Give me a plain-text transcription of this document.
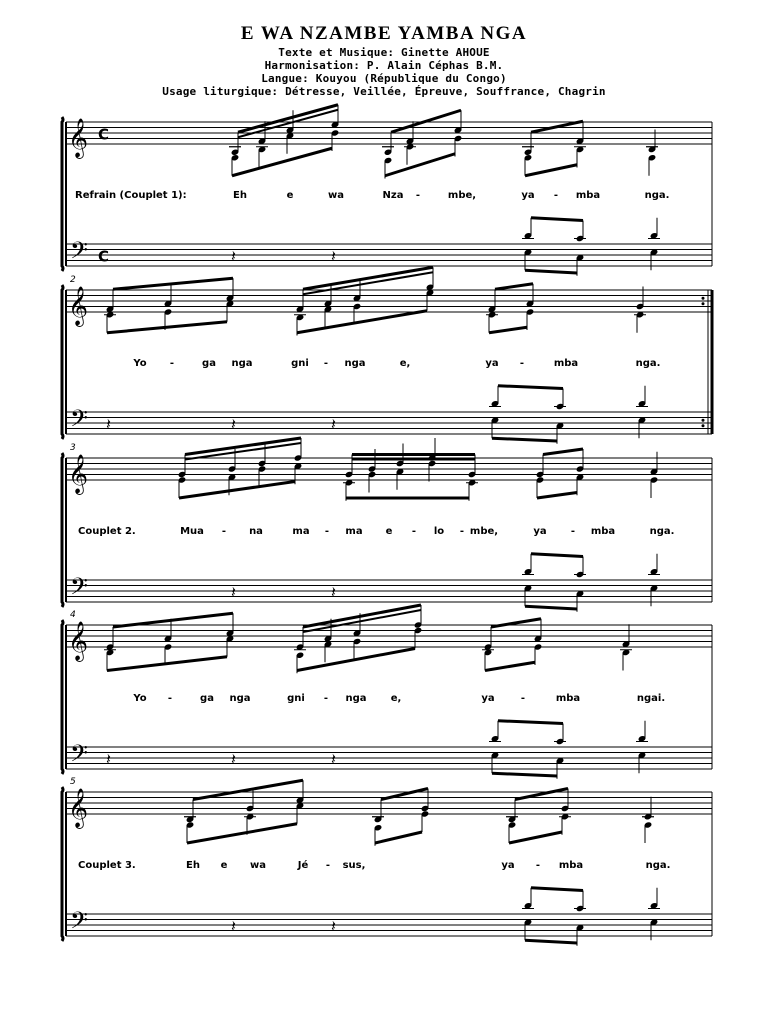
E WA NZAMBE YAMBA NGA
Texte et Musique: Ginette AHOUE
Harmonisation: P. Alain Céphas B.M.
Langue: Kouyou (République du Congo)
Usage liturgique: Détresse, Veillée, Épreuve, Souffrance, Chagrin
𝄞
𝄢
C
C	𝄽	𝄽
Refrain (Couplet 1):	Eh	e	wa	Nza -	mbe,	ya - mba	nga.
2
𝄞
𝄢	𝄽	𝄽
𝄽
Yo -	ga nga	gni - nga	e,	ya -	mba	nga.
3
𝄞
𝄢	𝄽	𝄽
Couplet 2.	Mua - na	ma - ma e - lo - mbe,	ya - mba	nga.
4
𝄞
𝄢	𝄽	𝄽
𝄽
Yo -	ga nga	gni - nga e,	ya	-	mba	ngai.
5
𝄞
𝄢	𝄽	𝄽
Couplet 3.	Eh e wa	Jé - sus,	ya - mba	nga.
